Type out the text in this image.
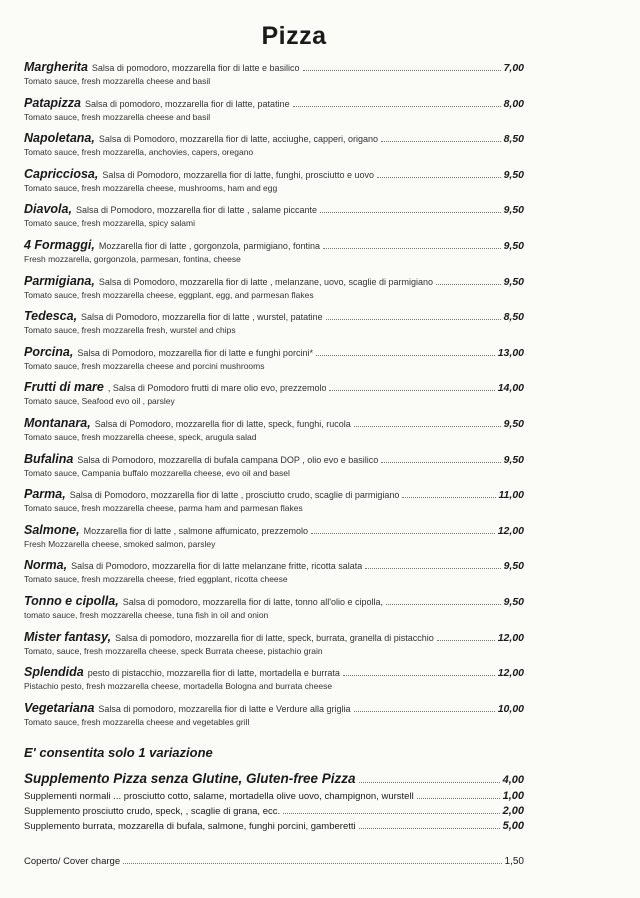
Pizza
Margherita Salsa di pomodoro, mozzarella fior di latte e basilico	7,00
Tomato sauce, fresh mozzarella cheese and basil
Patapizza Salsa di pomodoro, mozzarella fior di latte, patatine	8,00
Tomato sauce, fresh mozzarella cheese and basil
Napoletana, Salsa di Pomodoro, mozzarella fior di latte, acciughe, capperi, origano	8,50
Tomato sauce, fresh mozzarella, anchovies, capers, oregano
Capricciosa, Salsa di Pomodoro, mozzarella fior di latte, funghi, prosciutto e uovo	9,50
Tomato sauce, fresh mozzarella cheese, mushrooms, ham and egg
Diavola, Salsa di Pomodoro, mozzarella fior di latte , salame piccante	9,50
Tomato sauce, fresh mozzarella, spicy salami
4 Formaggi, Mozzarella fior di latte , gorgonzola, parmigiano, fontina	9,50
Fresh mozzarella, gorgonzola, parmesan, fontina, cheese
Parmigiana, Salsa di Pomodoro, mozzarella fior di latte , melanzane, uovo, scaglie di parmigiano	9,50
Tomato sauce, fresh mozzarella cheese, eggplant, egg, and parmesan flakes
Tedesca, Salsa di Pomodoro, mozzarella fior di latte , wurstel, patatine	8,50
Tomato sauce, fresh mozzarella fresh, wurstel and chips
Porcina, Salsa di Pomodoro, mozzarella fior di latte e funghi porcini*	13,00
Tomato sauce, fresh mozzarella cheese and porcini mushrooms
Frutti di mare , Salsa di Pomodoro frutti di mare olio evo, prezzemolo	14,00
Tomato sauce, Seafood evo oil , parsley
Montanara, Salsa di Pomodoro, mozzarella fior di latte, speck, funghi, rucola	9,50
Tomato sauce, fresh mozzarella cheese, speck, arugula salad
Bufalina Salsa di Pomodoro, mozzarella di bufala campana DOP , olio evo e basilico	9,50
Tomato sauce, Campania buffalo mozzarella cheese, evo oil and basel
Parma, Salsa di Pomodoro, mozzarella fior di latte , prosciutto crudo, scaglie di parmigiano	11,00
Tomato sauce, fresh mozzarella cheese, parma ham and parmesan flakes
Salmone, Mozzarella fior di latte , salmone affumicato, prezzemolo	12,00
Fresh Mozzarella cheese, smoked salmon, parsley
Norma, Salsa di Pomodoro, mozzarella fior di latte melanzane fritte, ricotta salata	9,50
Tomato sauce, fresh mozzarella cheese, fried eggplant, ricotta cheese
Tonno e cipolla, Salsa di pomodoro, mozzarella fior di latte, tonno all'olio e cipolla,	9,50
tomato sauce, fresh mozzarella cheese, tuna fish in oil and onion
Mister fantasy, Salsa di pomodoro, mozzarella fior di latte, speck, burrata, granella di pistacchio	12,00
Tomato, sauce, fresh mozzarella cheese, speck Burrata cheese, pistachio grain
Splendida pesto di pistacchio, mozzarella fior di latte, mortadella e burrata	12,00
Pistachio pesto, fresh mozzarella cheese, mortadella Bologna and burrata cheese
Vegetariana Salsa di pomodoro, mozzarella fior di latte e Verdure alla griglia	10,00
Tomato sauce, fresh mozzarella cheese and vegetables grill
E' consentita solo 1 variazione
Supplemento Pizza senza Glutine, Gluten-free Pizza	4,00
Supplementi normali ... prosciutto cotto, salame, mortadella olive uovo, champignon, wurstell	1,00
Supplemento prosciutto crudo, speck, , scaglie di grana, ecc.	2,00
Supplemento burrata, mozzarella di bufala, salmone, funghi porcini, gamberetti	5,00
Coperto/ Cover charge	1,50
